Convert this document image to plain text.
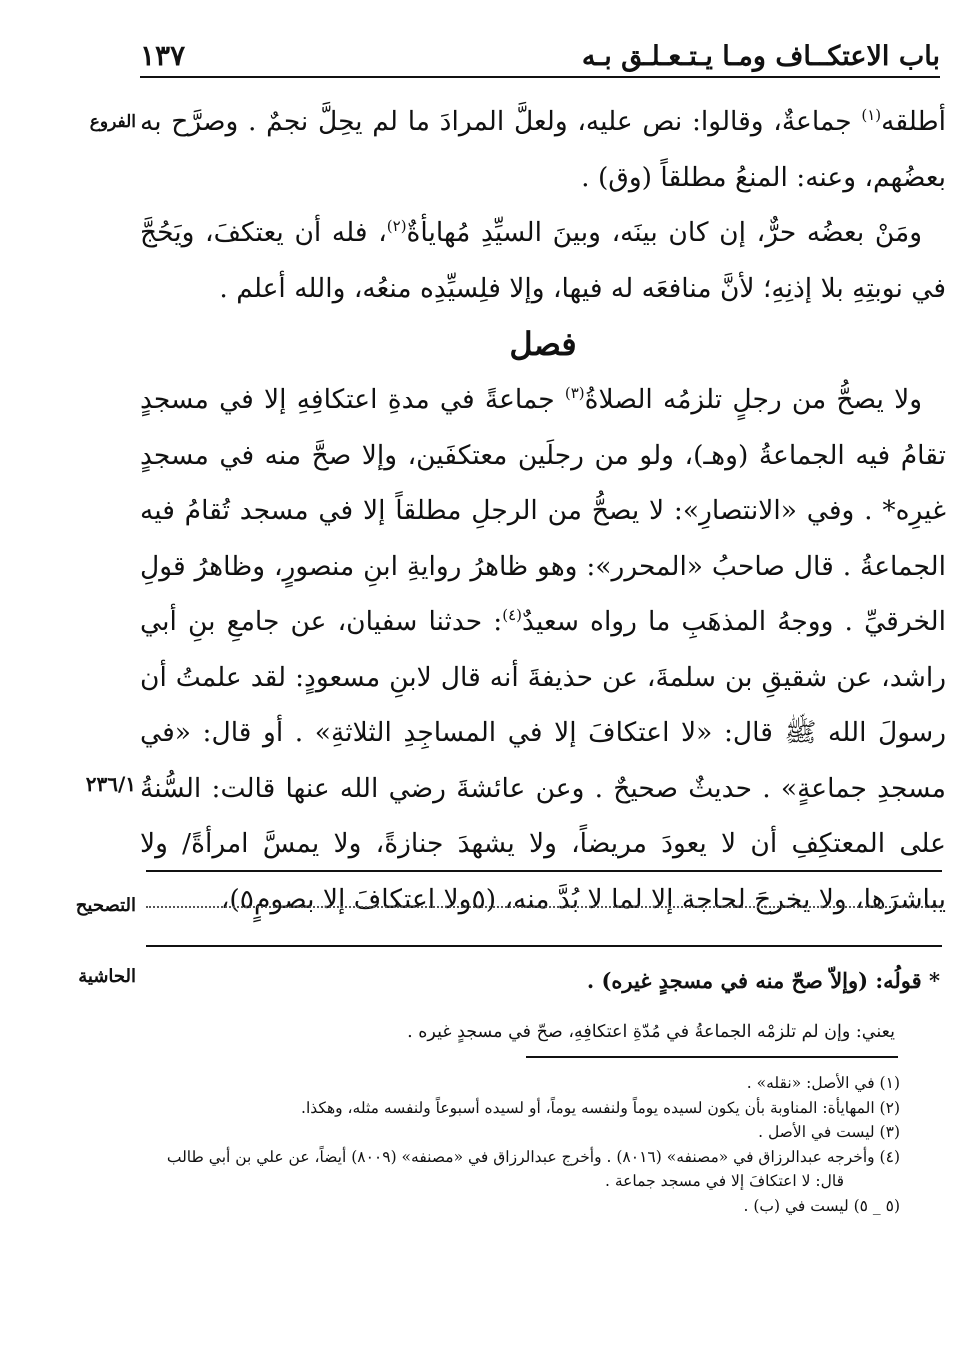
باب الاعتكــاف ومـا يـتـعـلـق بـه
١٣٧
الفروع
٢٣٦/١

أطلقه$^{(١)}$ جماعةٌ، وقالوا: نص عليه، ولعلَّ المرادَ ما لم يحِلَّ نجمٌ . وصرَّح به بعضُهم، وعنه: المنعُ مطلقاً (وق) .

ومَنْ بعضُه حرٌّ، إن كان بينَه، وبينَ السيِّدِ مُهايأةٌ$^{(٢)}$، فله أن يعتكفَ، ويَحُجَّ في نوبتِهِ بلا إذنِهِ؛ لأنَّ منافعَه له فيها، وإلا فلِسيِّدِه منعُه، والله أعلم .

فصل

ولا يصحُّ من رجلٍ تلزمُه الصلاةُ$^{(٣)}$ جماعةً في مدةِ اعتكافِهِ إلا في مسجدٍ تقامُ فيه الجماعةُ (وهـ)، ولو من رجلَين معتكفَين، وإلا صحَّ منه في مسجدٍ غيرِه* . وفي «الانتصارِ»: لا يصحُّ من الرجلِ مطلقاً إلا في مسجد تُقامُ فيه الجماعةُ . قال صاحبُ «المحرر»: وهو ظاهرُ روايةِ ابنِ منصورٍ، وظاهرُ قولِ الخرقيِّ . ووجهُ المذهَبِ ما رواه سعيدٌ$^{(٤)}$: حدثنا سفيان، عن جامعِ بنِ أبي راشد، عن شقيقِ بن سلمةَ، عن حذيفةَ أنه قال لابنِ مسعودٍ: لقد علمتُ أن رسولَ الله ﷺ قال: «لا اعتكافَ إلا في المساجِدِ الثلاثةِ» . أو قال: «في مسجدِ جماعةٍ» . حديثٌ صحيحٌ . وعن عائشةَ رضي الله عنها قالت: السُّنةُ على المعتكِفِ أن لا يعودَ مريضاً، ولا يشهدَ جنازةً، ولا يمسَّ امرأةً/ ولا يباشرَها، ولا يخرجَ لحاجة إلا لما لا بُدَّ منه، (٥ولا اعتكافَ إلا بصومٍ٥)،

التصحيح
الحاشية	* قولُه: (وإلاّ صحّ منه في مسجدٍ غيره) .
يعني: وإن لم تلزمْه الجماعةُ في مُدّةِ اعتكافِهِ، صحّ في مسجدٍ غيره .

(١) في الأصل: «نقله» .

(٢) المهايأة: المناوبة بأن يكون لسيده يوماً ولنفسه يوماً، أو لسيده أسبوعاً ولنفسه مثله، وهكذا.

(٣) ليست في الأصل .

(٤) وأخرجه عبدالرزاق في «مصنفه» (٨٠١٦) . وأخرج عبدالرزاق في «مصنفه» (٨٠٠٩) أيضاً، عن علي بن أبي طالب

قال: لا اعتكافَ إلا في مسجد جماعة .

(٥ _ ٥) ليست في (ب) .
